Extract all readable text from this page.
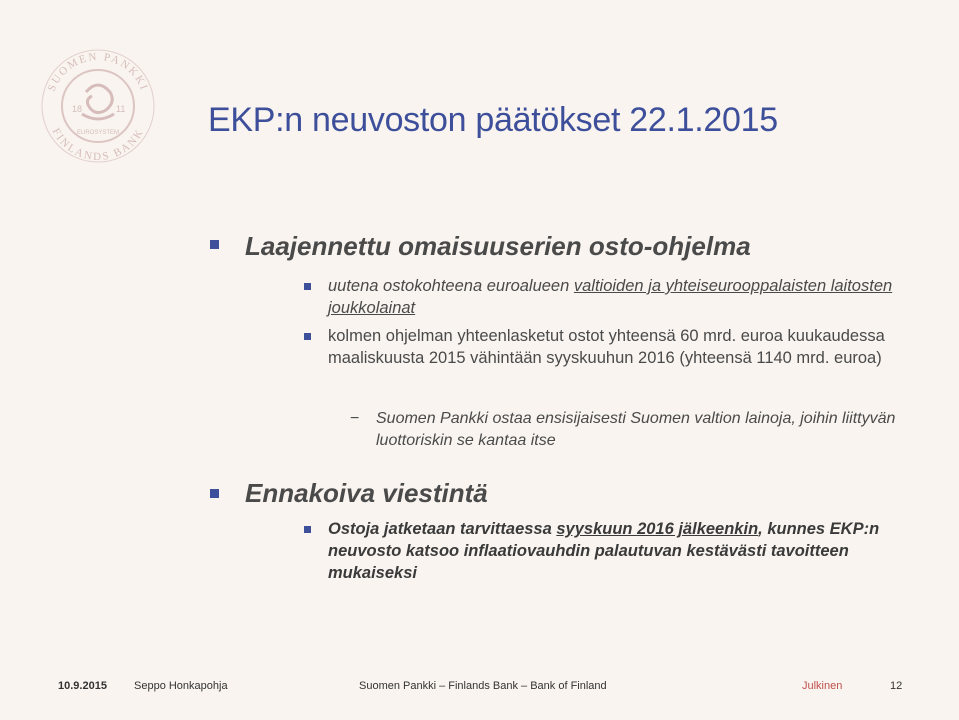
SUOMEN PANKKI
FINLANDS BANK
18	11
EUROSYSTEM	EKP:n neuvoston päätökset 22.1.2015
Laajennettu omaisuuserien osto-ohjelma

uutena ostokohteena euroalueen valtioiden ja yhteiseurooppalaisten laitosten joukkolainat

kolmen ohjelman yhteenlasketut ostot yhteensä 60 mrd. euroa kuukaudessa maaliskuusta 2015 vähintään syyskuuhun 2016 (yhteensä 1140 mrd. euroa)

− Suomen Pankki ostaa ensisijaisesti Suomen valtion lainoja, joihin liittyvän luottoriskin se kantaa itse

Ennakoiva viestintä

Ostoja jatketaan tarvittaessa syyskuun 2016 jälkeenkin, kunnes EKP:n neuvosto katsoo inflaatiovauhdin palautuvan kestävästi tavoitteen mukaiseksi

10.9.2015 Seppo Honkapohja	Suomen Pankki – Finlands Bank – Bank of Finland	Julkinen	12
